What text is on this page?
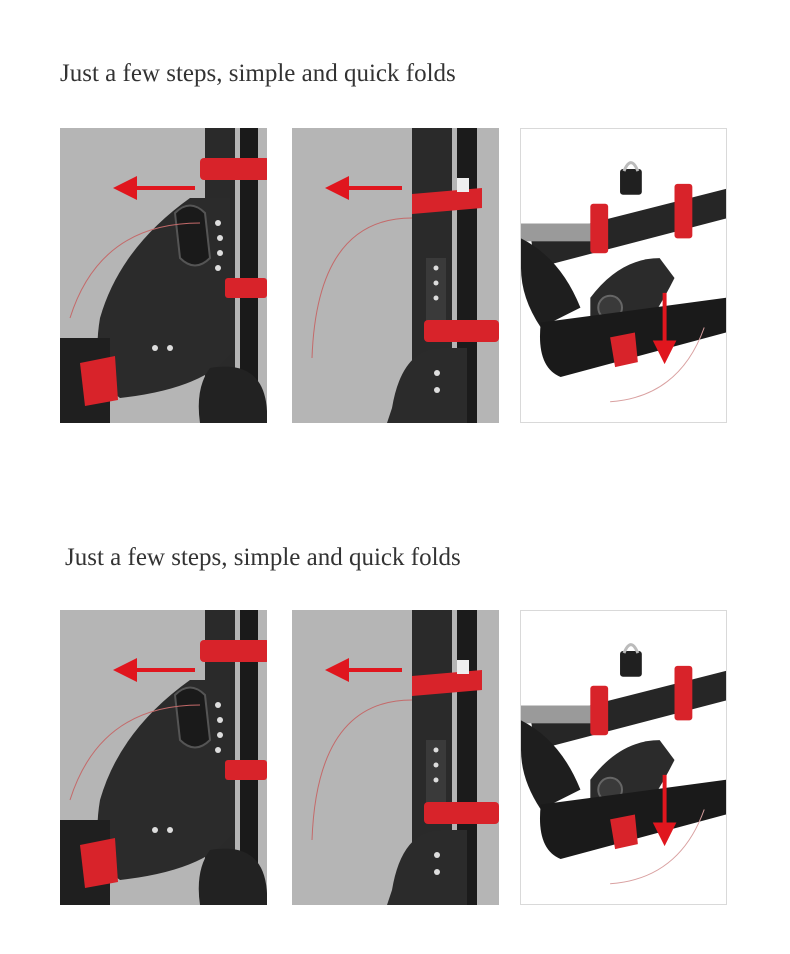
Just a few steps, simple and quick folds
Just a few steps, simple and quick folds
